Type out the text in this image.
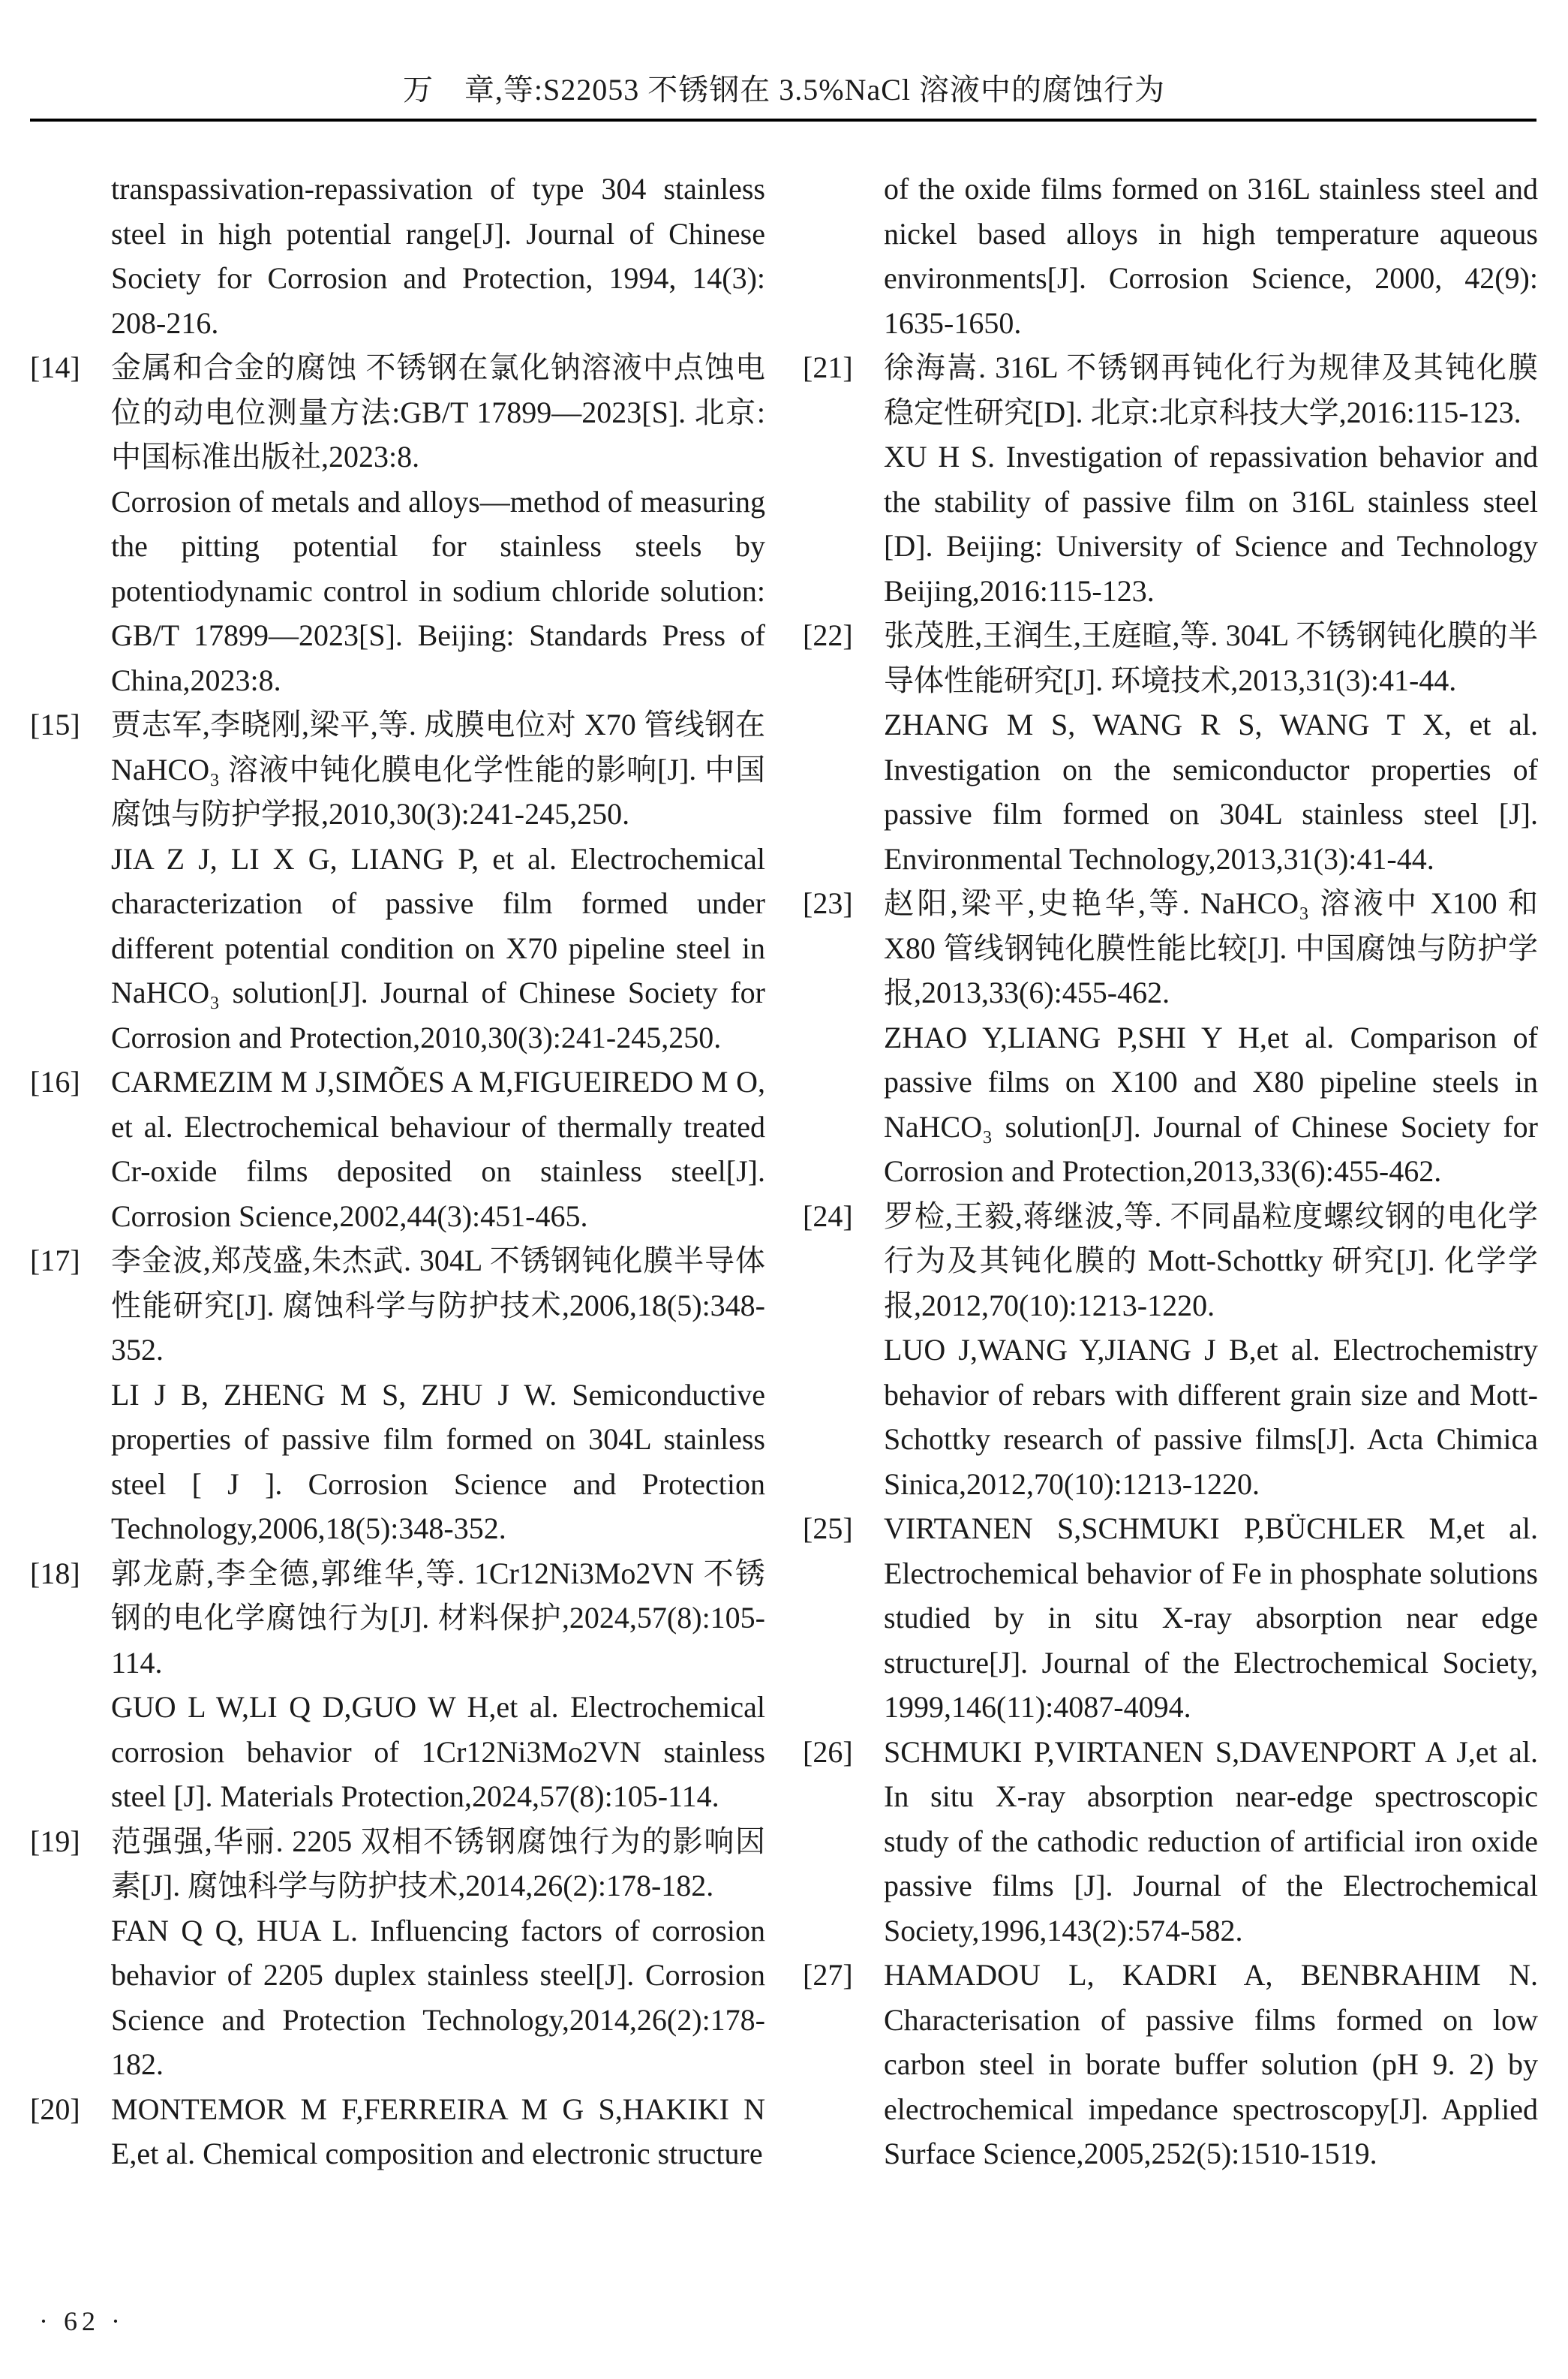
万　章,等:S22053 不锈钢在 3.5%NaCl 溶液中的腐蚀行为
transpassivation-repassivation of type 304 stainless steel in high potential range[J]. Journal of Chinese Society for Corrosion and Protection, 1994, 14(3): 208-216.
[14]	金属和合金的腐蚀 不锈钢在氯化钠溶液中点蚀电位的动电位测量方法:GB/T 17899—2023[S]. 北京:中国标准出版社,2023:8.
Corrosion of metals and alloys—method of measuring the pitting potential for stainless steels by potentiodynamic control in sodium chloride solution: GB/T 17899—2023[S]. Beijing: Standards Press of China,2023:8.
[15]	贾志军,李晓刚,梁平,等. 成膜电位对 X70 管线钢在 NaHCO₃ 溶液中钝化膜电化学性能的影响[J]. 中国腐蚀与防护学报,2010,30(3):241-245,250.
JIA Z J, LI X G, LIANG P, et al. Electrochemical characterization of passive film formed under different potential condition on X70 pipeline steel in NaHCO₃ solution[J]. Journal of Chinese Society for Corrosion and Protection,2010,30(3):241-245,250.
[16]	CARMEZIM M J,SIMÕES A M,FIGUEIREDO M O, et al. Electrochemical behaviour of thermally treated Cr-oxide films deposited on stainless steel[J]. Corrosion Science,2002,44(3):451-465.
[17]	李金波,郑茂盛,朱杰武. 304L 不锈钢钝化膜半导体性能研究[J]. 腐蚀科学与防护技术,2006,18(5):348-352.
LI J B, ZHENG M S, ZHU J W. Semiconductive properties of passive film formed on 304L stainless steel [ J ]. Corrosion Science and Protection Technology,2006,18(5):348-352.
[18]	郭龙蔚,李全德,郭维华,等. 1Cr12Ni3Mo2VN 不锈钢的电化学腐蚀行为[J]. 材料保护,2024,57(8):105-114.
GUO L W,LI Q D,GUO W H,et al. Electrochemical corrosion behavior of 1Cr12Ni3Mo2VN stainless steel [J]. Materials Protection,2024,57(8):105-114.
[19]	范强强,华丽. 2205 双相不锈钢腐蚀行为的影响因素[J]. 腐蚀科学与防护技术,2014,26(2):178-182.
FAN Q Q, HUA L. Influencing factors of corrosion behavior of 2205 duplex stainless steel[J]. Corrosion Science and Protection Technology,2014,26(2):178-182.
[20]	MONTEMOR M F,FERREIRA M G S,HAKIKI N E,et al. Chemical composition and electronic structure
of the oxide films formed on 316L stainless steel and nickel based alloys in high temperature aqueous environments[J]. Corrosion Science, 2000, 42(9): 1635-1650.
[21]	徐海嵩. 316L 不锈钢再钝化行为规律及其钝化膜稳定性研究[D]. 北京:北京科技大学,2016:115-123.
XU H S. Investigation of repassivation behavior and the stability of passive film on 316L stainless steel [D]. Beijing: University of Science and Technology Beijing,2016:115-123.
[22]	张茂胜,王润生,王庭暄,等. 304L 不锈钢钝化膜的半导体性能研究[J]. 环境技术,2013,31(3):41-44.
ZHANG M S, WANG R S, WANG T X, et al. Investigation on the semiconductor properties of passive film formed on 304L stainless steel [J]. Environmental Technology,2013,31(3):41-44.
[23]	赵阳,梁平,史艳华,等. NaHCO₃ 溶液中 X100 和 X80 管线钢钝化膜性能比较[J]. 中国腐蚀与防护学报,2013,33(6):455-462.
ZHAO Y,LIANG P,SHI Y H,et al. Comparison of passive films on X100 and X80 pipeline steels in NaHCO₃ solution[J]. Journal of Chinese Society for Corrosion and Protection,2013,33(6):455-462.
[24]	罗检,王毅,蒋继波,等. 不同晶粒度螺纹钢的电化学行为及其钝化膜的 Mott-Schottky 研究[J]. 化学学报,2012,70(10):1213-1220.
LUO J,WANG Y,JIANG J B,et al. Electrochemistry behavior of rebars with different grain size and Mott-Schottky research of passive films[J]. Acta Chimica Sinica,2012,70(10):1213-1220.
[25]	VIRTANEN S,SCHMUKI P,BÜCHLER M,et al. Electrochemical behavior of Fe in phosphate solutions studied by in situ X-ray absorption near edge structure[J]. Journal of the Electrochemical Society, 1999,146(11):4087-4094.
[26]	SCHMUKI P,VIRTANEN S,DAVENPORT A J,et al. In situ X-ray absorption near-edge spectroscopic study of the cathodic reduction of artificial iron oxide passive films [J]. Journal of the Electrochemical Society,1996,143(2):574-582.
[27]	HAMADOU L, KADRI A, BENBRAHIM N. Characterisation of passive films formed on low carbon steel in borate buffer solution (pH 9. 2) by electrochemical impedance spectroscopy[J]. Applied Surface Science,2005,252(5):1510-1519.
· 62 ·
